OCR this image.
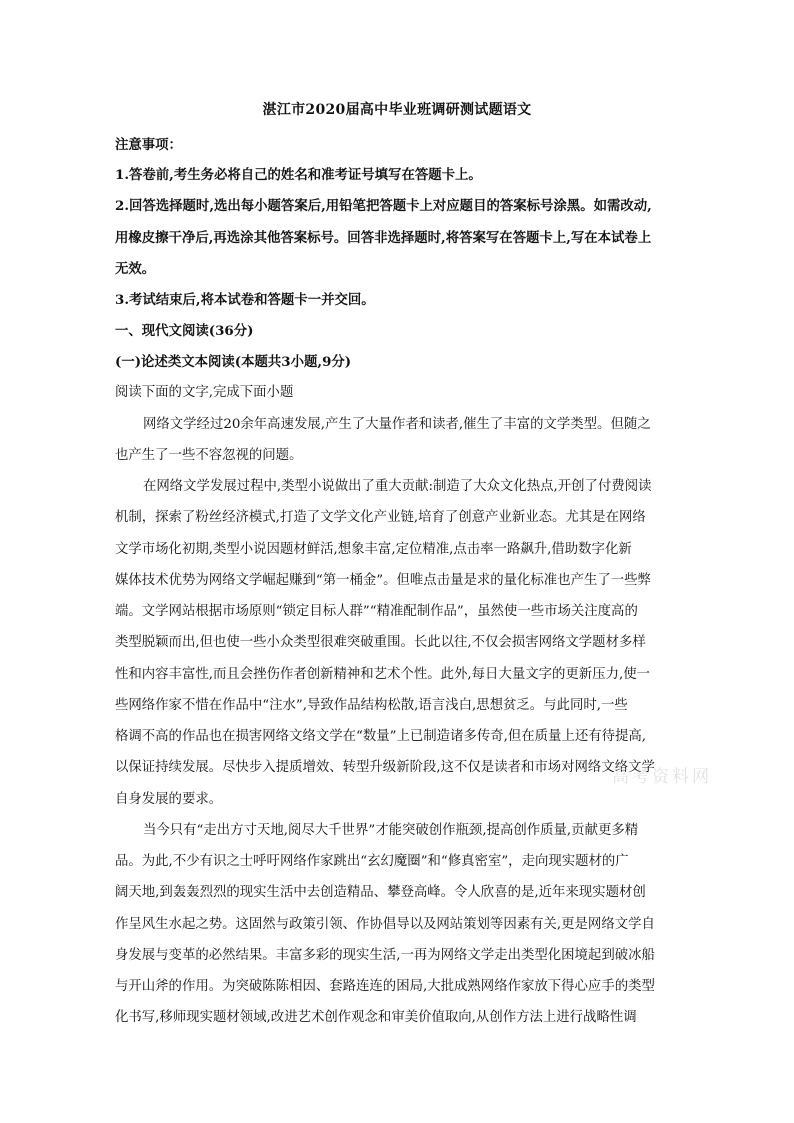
湛江市2020届高中毕业班调研测试题语文
注意事项：
1.答卷前,考生务必将自己的姓名和准考证号填写在答题卡上。
2.回答选择题时,选出每小题答案后,用铅笔把答题卡上对应题目的答案标号涂黑。如需改动,
用橡皮擦干净后,再选涂其他答案标号。回答非选择题时,将答案写在答题卡上,写在本试卷上
无效。
3.考试结束后,将本试卷和答题卡一并交回。
一、现代文阅读(36分)
(一)论述类文本阅读(本题共3小题,9分)
阅读下面的文字,完成下面小题
网络文学经过20余年高速发展,产生了大量作者和读者,催生了丰富的文学类型。但随之
也产生了一些不容忽视的问题。
在网络文学发展过程中,类型小说做出了重大贡献:制造了大众文化热点,开创了付费阅读
机制，探索了粉丝经济模式,打造了文学文化产业链,培育了创意产业新业态。尤其是在网络
文学市场化初期,类型小说因题材鲜活,想象丰富,定位精准,点击率一路飙升,借助数字化新
媒体技术优势为网络文学崛起赚到“第一桶金”。但唯点击量是求的量化标准也产生了一些弊
端。文学网站根据市场原则“锁定目标人群”“精准配制作品”，虽然使一些市场关注度高的
类型脱颖而出,但也使一些小众类型很难突破重围。长此以往,不仅会损害网络文学题材多样
性和内容丰富性,而且会挫伤作者创新精神和艺术个性。此外,每日大量文字的更新压力,使一
些网络作家不惜在作品中“注水”,导致作品结构松散,语言浅白,思想贫乏。与此同时,一些
格调不高的作品也在损害网络文络文学在“数量”上已制造诸多传奇,但在质量上还有待提高,
以保证持续发展。尽快步入提质增效、转型升级新阶段,这不仅是读者和市场对网络文络文学
自身发展的要求。
当今只有“走出方寸天地,阅尽大千世界”才能突破创作瓶颈,提高创作质量,贡献更多精
品。为此,不少有识之士呼吁网络作家跳出“玄幻魔圈”和“修真密室”，走向现实题材的广
阔天地,到轰轰烈烈的现实生活中去创造精品、攀登高峰。令人欣喜的是,近年来现实题材创
作呈风生水起之势。这固然与政策引领、作协倡导以及网站策划等因素有关,更是网络文学自
身发展与变革的必然结果。丰富多彩的现实生活,一再为网络文学走出类型化困境起到破冰船
与开山斧的作用。为突破陈陈相因、套路连连的困局,大批成熟网络作家放下得心应手的类型
化书写,移师现实题材领域,改进艺术创作观念和审美价值取向,从创作方法上进行战略性调
高考资料网
